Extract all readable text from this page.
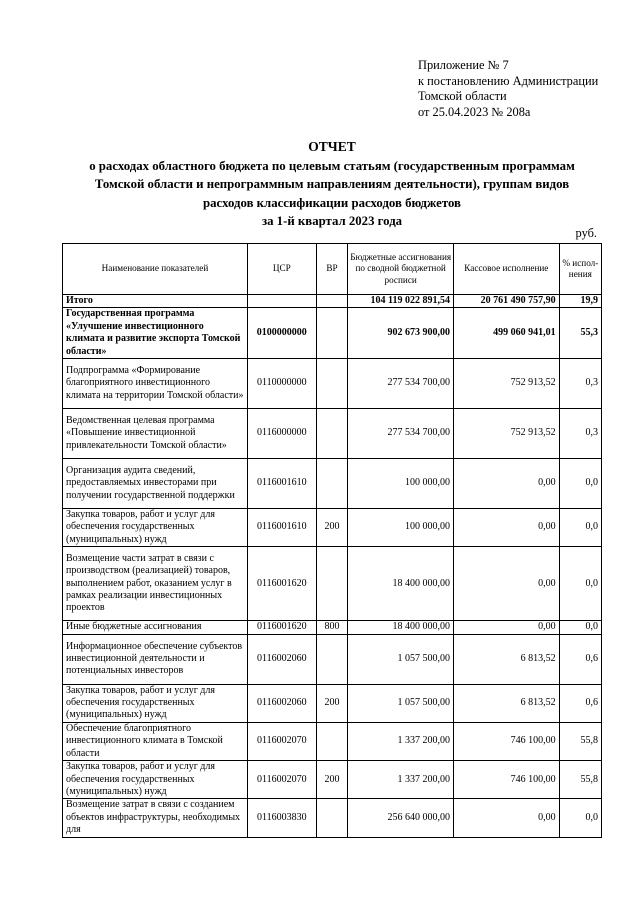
Приложение № 7
к постановлению Администрации
Томской области
от 25.04.2023 № 208а
ОТЧЕТ
о расходах областного бюджета по целевым статьям (государственным программам
Томской области и непрограммным направлениям деятельности), группам видов
расходов классификации расходов бюджетов
за 1-й квартал 2023 года
руб.
Наименование показателей	ЦСР	ВР	Бюджетные ассигнования по сводной бюджетной росписи	Кассовое исполнение	% испол-нения
Итого			104 119 022 891,54	20 761 490 757,90	19,9
Государственная программа «Улучшение инвестиционного климата и развитие экспорта Томской области»	0100000000		902 673 900,00	499 060 941,01	55,3
Подпрограмма «Формирование благоприятного инвестиционного климата на территории Томской области»	0110000000		277 534 700,00	752 913,52	0,3
Ведомственная целевая программа «Повышение инвестиционной привлекательности Томской области»	0116000000		277 534 700,00	752 913,52	0,3
Организация аудита сведений, предоставляемых инвесторами при получении государственной поддержки	0116001610		100 000,00	0,00	0,0
Закупка товаров, работ и услуг для обеспечения государственных (муниципальных) нужд	0116001610	200	100 000,00	0,00	0,0
Возмещение части затрат в связи с производством (реализацией) товаров, выполнением работ, оказанием услуг в рамках реализации инвестиционных проектов	0116001620		18 400 000,00	0,00	0,0
Иные бюджетные ассигнования	0116001620	800	18 400 000,00	0,00	0,0
Информационное обеспечение субъектов инвестиционной деятельности и потенциальных инвесторов	0116002060		1 057 500,00	6 813,52	0,6
Закупка товаров, работ и услуг для обеспечения государственных (муниципальных) нужд	0116002060	200	1 057 500,00	6 813,52	0,6
Обеспечение благоприятного инвестиционного климата в Томской области	0116002070		1 337 200,00	746 100,00	55,8
Закупка товаров, работ и услуг для обеспечения государственных (муниципальных) нужд	0116002070	200	1 337 200,00	746 100,00	55,8
Возмещение затрат в связи с созданием объектов инфраструктуры, необходимых для	0116003830		256 640 000,00	0,00	0,0
